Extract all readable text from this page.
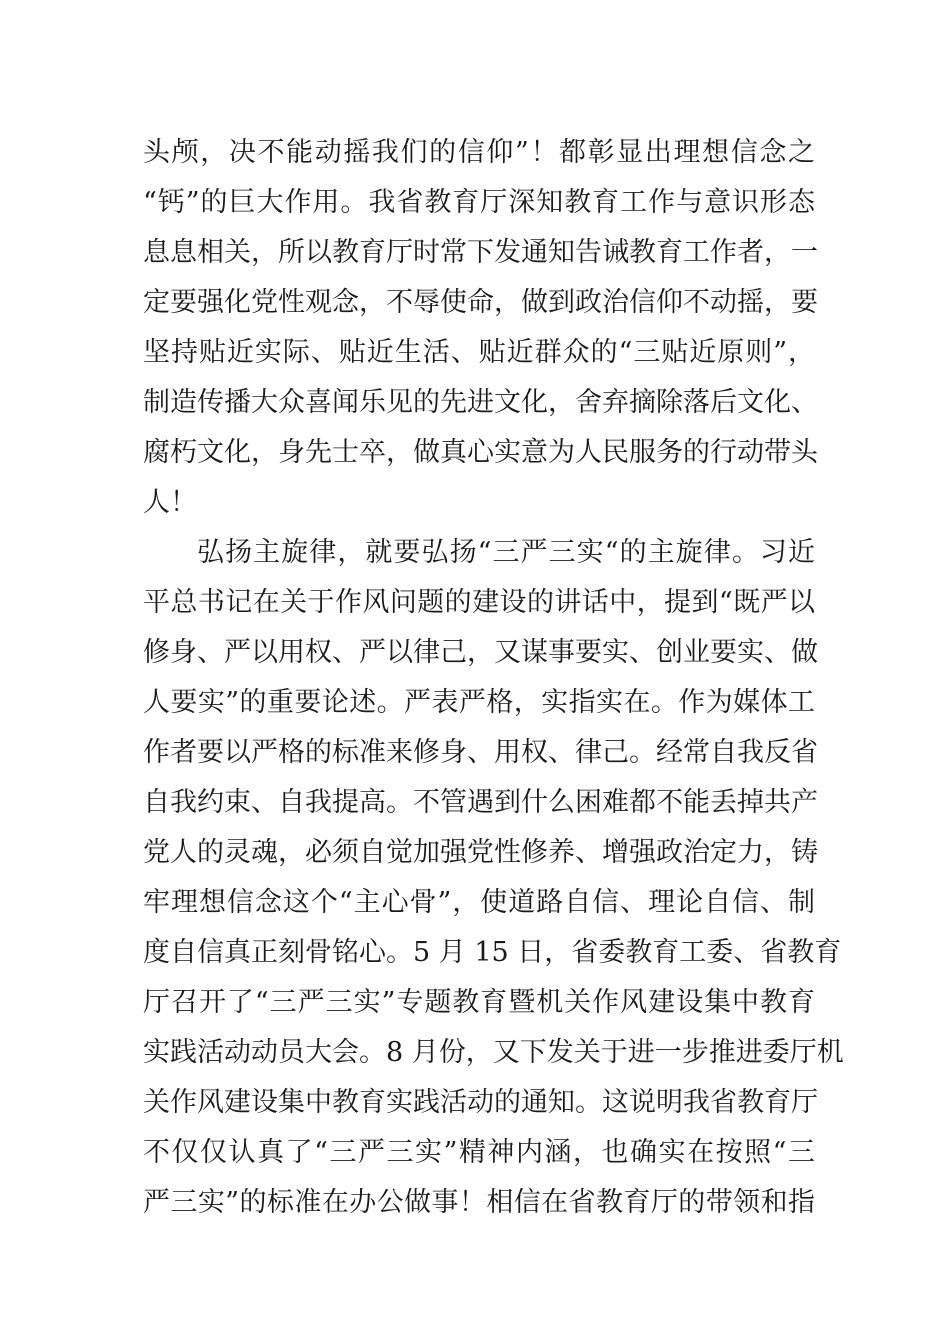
头颅，决不能动摇我们的信仰”！都彰显出理想信念之
“钙”的巨大作用。我省教育厅深知教育工作与意识形态
息息相关，所以教育厅时常下发通知告诫教育工作者，一
定要强化党性观念，不辱使命，做到政治信仰不动摇，要
坚持贴近实际、贴近生活、贴近群众的“三贴近原则”，
制造传播大众喜闻乐见的先进文化，舍弃摘除落后文化、
腐朽文化，身先士卒，做真心实意为人民服务的行动带头
人！
弘扬主旋律，就要弘扬“三严三实“的主旋律。习近
平总书记在关于作风问题的建设的讲话中，提到“既严以
修身、严以用权、严以律己，又谋事要实、创业要实、做
人要实”的重要论述。严表严格，实指实在。作为媒体工
作者要以严格的标准来修身、用权、律己。经常自我反省
自我约束、自我提高。不管遇到什么困难都不能丢掉共产
党人的灵魂，必须自觉加强党性修养、增强政治定力，铸
牢理想信念这个“主心骨”，使道路自信、理论自信、制
度自信真正刻骨铭心。5 月 15 日，省委教育工委、省教育
厅召开了“三严三实”专题教育暨机关作风建设集中教育
实践活动动员大会。8 月份，又下发关于进一步推进委厅机
关作风建设集中教育实践活动的通知。这说明我省教育厅
不仅仅认真了“三严三实”精神内涵，也确实在按照“三
严三实”的标准在办公做事！相信在省教育厅的带领和指
